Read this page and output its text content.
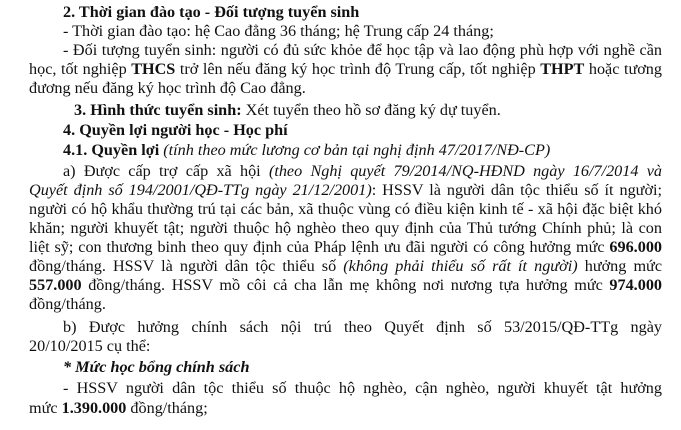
2. Thời gian đào tạo - Đối tượng tuyển sinh
- Thời gian đào tạo: hệ Cao đẳng 36 tháng; hệ Trung cấp 24 tháng;
- Đối tượng tuyển sinh: người có đủ sức khỏe để học tập và lao động phù hợp với nghề cần
học, tốt nghiệp THCS trở lên nếu đăng ký học trình độ Trung cấp, tốt nghiệp THPT hoặc tương
đương nếu đăng ký học trình độ Cao đẳng.
3. Hình thức tuyển sinh: Xét tuyển theo hồ sơ đăng ký dự tuyển.
4. Quyền lợi người học - Học phí
4.1. Quyền lợi (tính theo mức lương cơ bản tại nghị định 47/2017/NĐ-CP)
a) Được cấp trợ cấp xã hội (theo Nghị quyết 79/2014/NQ-HĐND ngày 16/7/2014 và
Quyết định số 194/2001/QĐ-TTg ngày 21/12/2001): HSSV là người dân tộc thiểu số ít người;
người có hộ khẩu thường trú tại các bản, xã thuộc vùng có điều kiện kinh tế - xã hội đặc biệt khó
khăn; người khuyết tật; người thuộc hộ nghèo theo quy định của Thủ tướng Chính phủ; là con
liệt sỹ; con thương binh theo quy định của Pháp lệnh ưu đãi người có công hưởng mức 696.000
đồng/tháng. HSSV là người dân tộc thiểu số (không phải thiểu số rất ít người) hưởng mức
557.000 đồng/tháng. HSSV mồ côi cả cha lẫn mẹ không nơi nương tựa hưởng mức 974.000
đồng/tháng.
b) Được hưởng chính sách nội trú theo Quyết định số 53/2015/QĐ-TTg ngày
20/10/2015 cụ thể:
* Mức học bổng chính sách
- HSSV người dân tộc thiểu số thuộc hộ nghèo, cận nghèo, người khuyết tật hưởng
mức 1.390.000 đồng/tháng;
